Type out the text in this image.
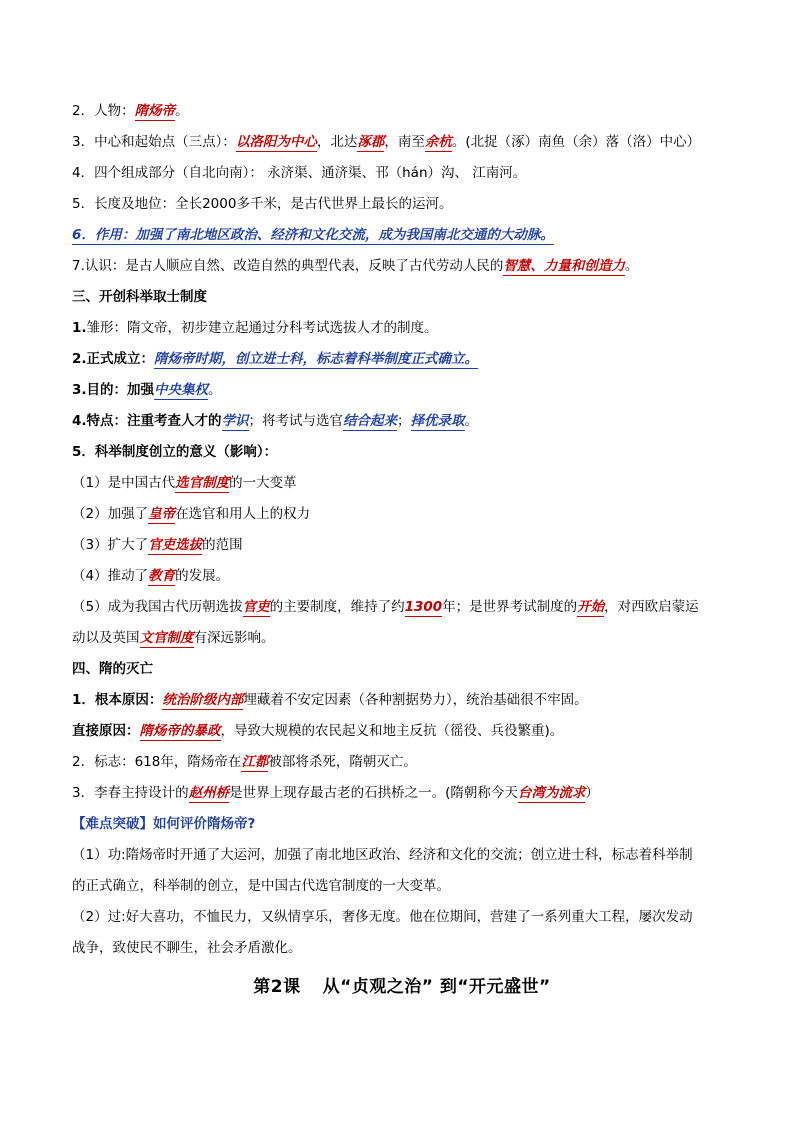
2．人物：隋炀帝。
3．中心和起始点（三点）：以洛阳为中心，北达涿郡，南至余杭。(北捉（涿）南鱼（余）落（洛）中心）
4．四个组成部分（自北向南）： 永济渠、通济渠、邗（hán）沟、 江南河。
5．长度及地位：全长2000多千米，是古代世界上最长的运河。
6．作用：加强了南北地区政治、经济和文化交流，成为我国南北交通的大动脉。
7.认识：是古人顺应自然、改造自然的典型代表，反映了古代劳动人民的智慧、力量和创造力。
三、开创科举取士制度
1.雏形：隋文帝，初步建立起通过分科考试选拔人才的制度。
2.正式成立：隋炀帝时期，创立进士科，标志着科举制度正式确立。
3.目的：加强中央集权。
4.特点：注重考查人才的学识；将考试与选官结合起来；择优录取。
5．科举制度创立的意义（影响）：
（1）是中国古代选官制度的一大变革
（2）加强了皇帝在选官和用人上的权力
（3）扩大了官吏选拔的范围
（4）推动了教育的发展。
（5）成为我国古代历朝选拔官吏的主要制度，维持了约1300年；是世界考试制度的开始，对西欧启蒙运
动以及英国文官制度有深远影响。
四、隋的灭亡
1．根本原因：统治阶级内部埋藏着不安定因素（各种割据势力），统治基础很不牢固。
直接原因：隋炀帝的暴政，导致大规模的农民起义和地主反抗（徭役、兵役繁重)。
2．标志：618年，隋炀帝在江都被部将杀死，隋朝灭亡。
3．李春主持设计的赵州桥是世界上现存最古老的石拱桥之一。(隋朝称今天台湾为流求）
【难点突破】如何评价隋炀帝?
（1）功:隋炀帝时开通了大运河，加强了南北地区政治、经济和文化的交流；创立进士科，标志着科举制
的正式确立，科举制的创立，是中国古代选官制度的一大变革。
（2）过:好大喜功，不恤民力，又纵情享乐，奢侈无度。他在位期间，营建了一系列重大工程，屡次发动
战争，致使民不聊生，社会矛盾激化。
第2课 从“贞观之治” 到“开元盛世”
